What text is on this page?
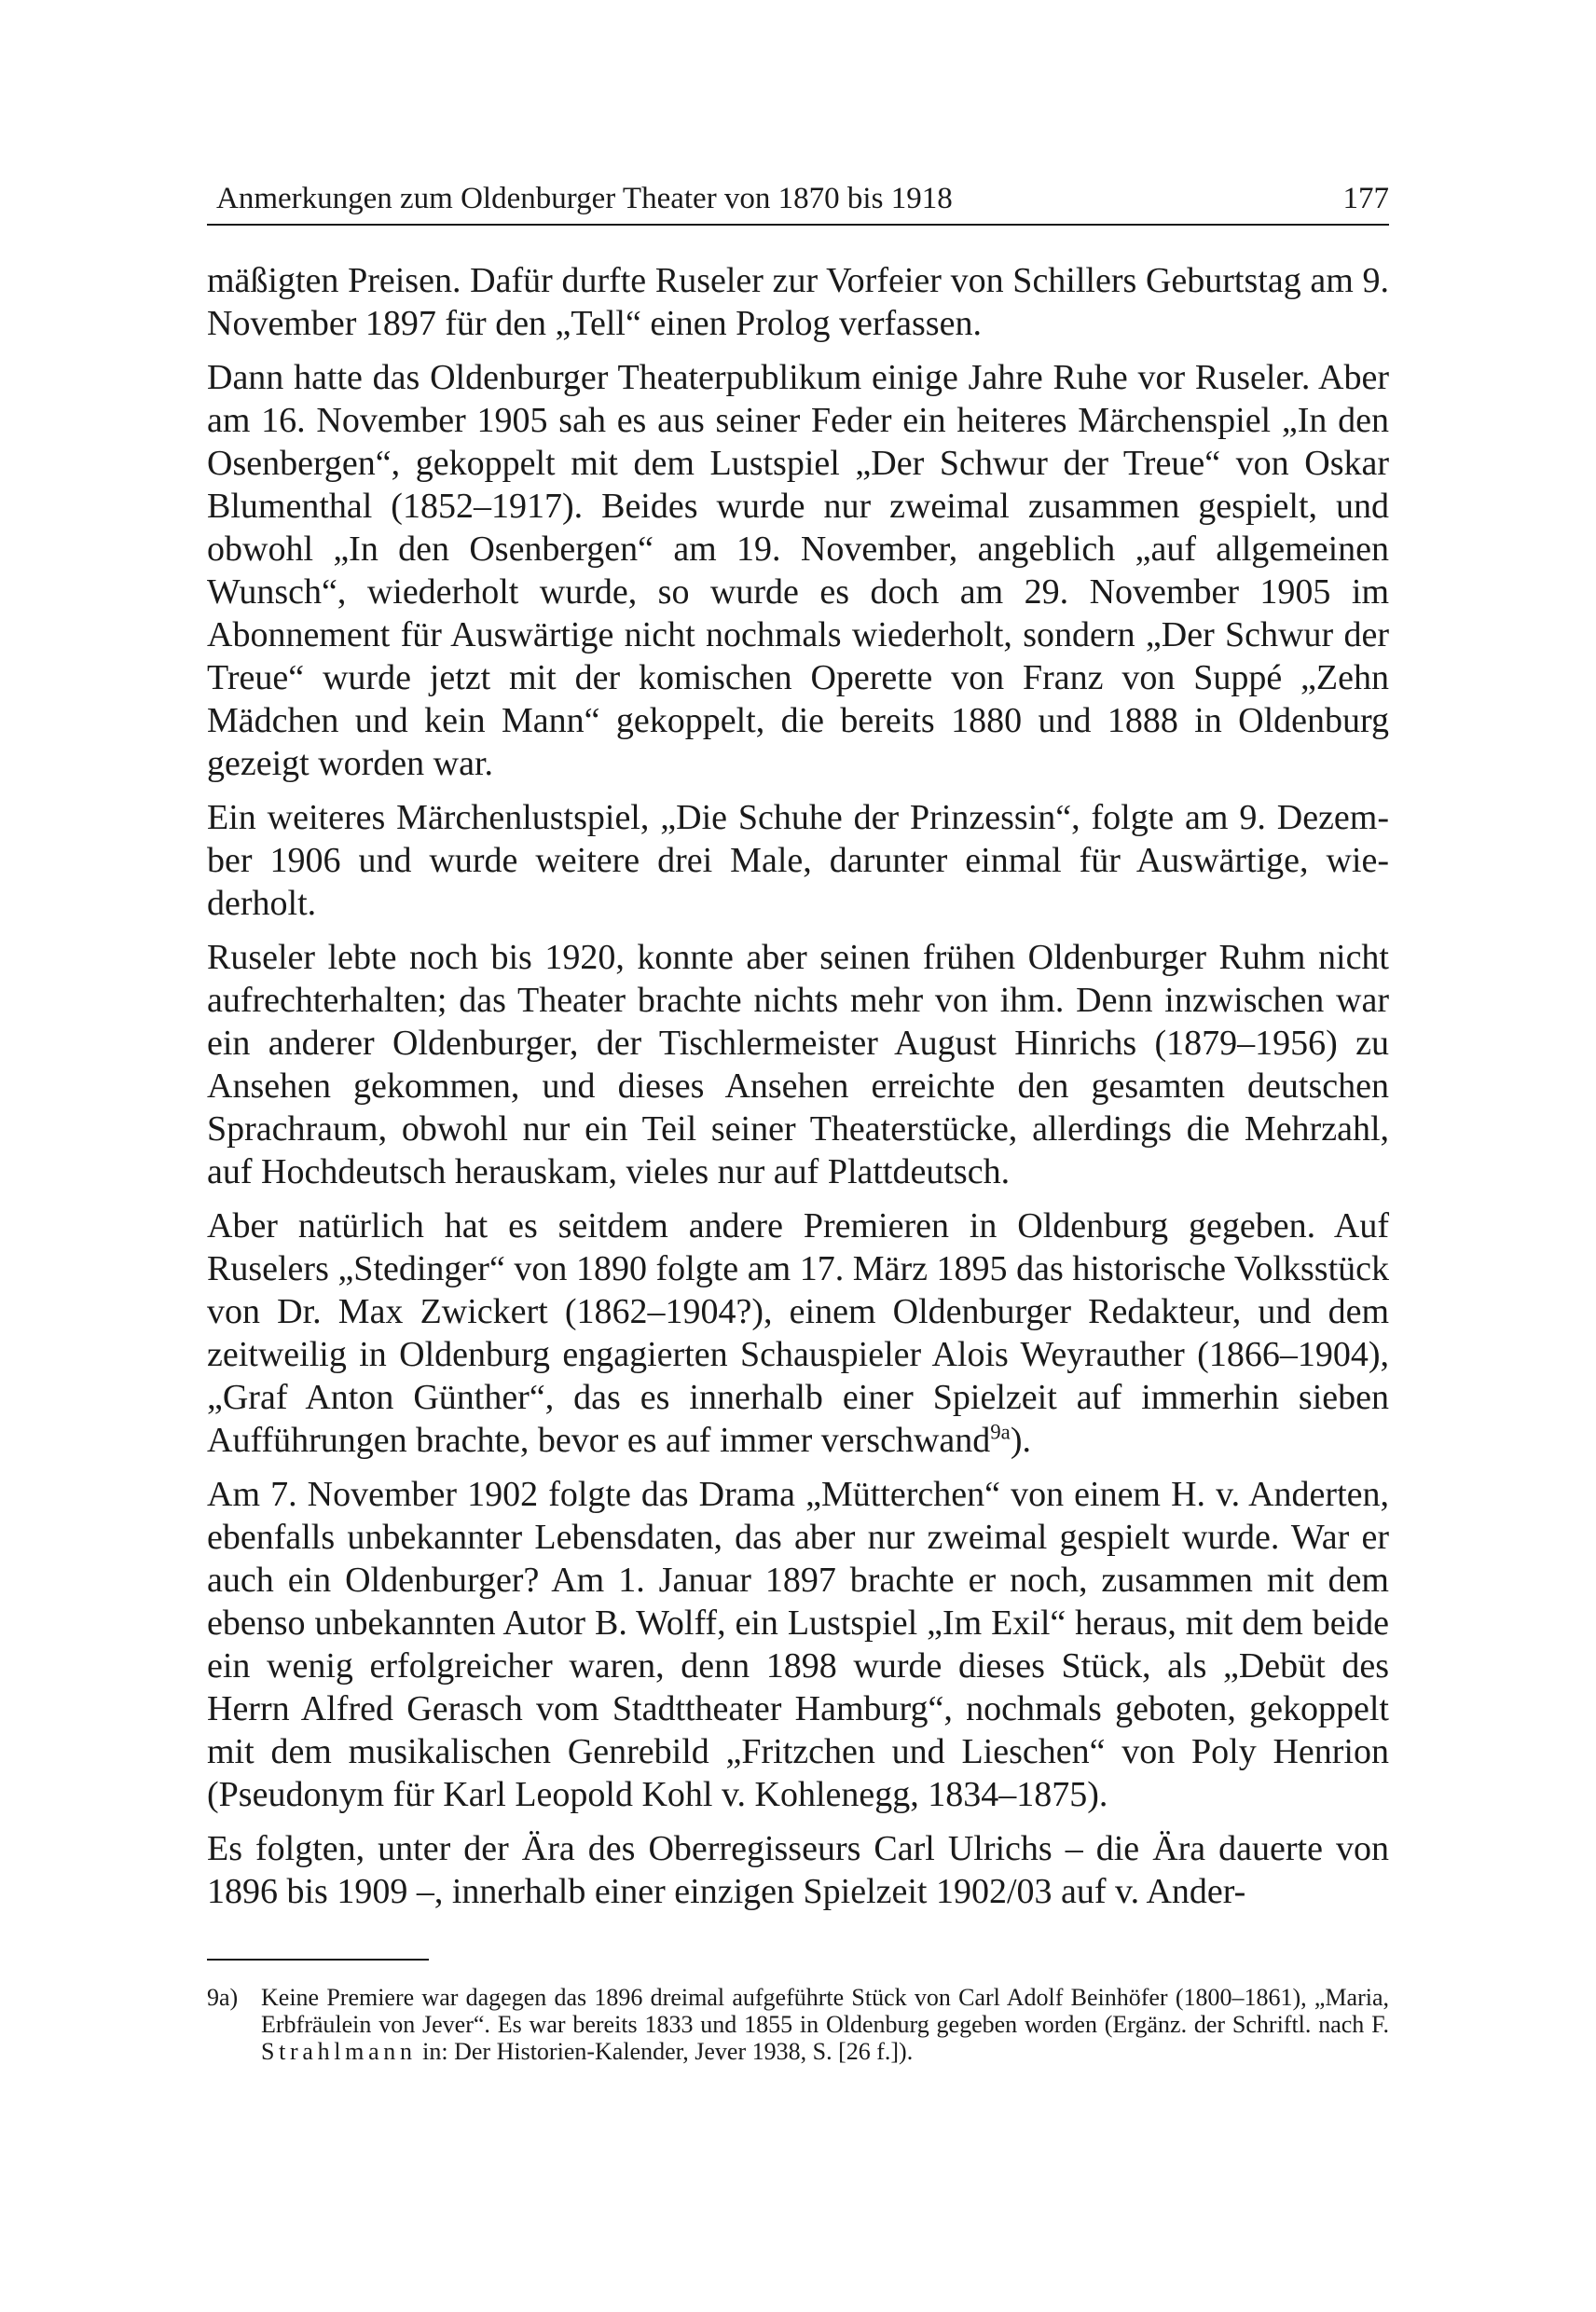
Anmerkungen zum Oldenburger Theater von 1870 bis 1918	177

mäßigten Preisen. Dafür durfte Ruseler zur Vorfeier von Schillers Geburtstag am 9. November 1897 für den „Tell“ einen Prolog verfassen.

Dann hatte das Oldenburger Theaterpublikum einige Jahre Ruhe vor Ruseler. Aber am 16. November 1905 sah es aus seiner Feder ein heiteres Märchenspiel „In den Osenbergen“, gekoppelt mit dem Lustspiel „Der Schwur der Treue“ von Oskar Blumenthal (1852–1917). Beides wurde nur zweimal zusammen gespielt, und obwohl „In den Osenbergen“ am 19. November, angeblich „auf allgemeinen Wunsch“, wiederholt wurde, so wurde es doch am 29. November 1905 im Abonnement für Auswärtige nicht nochmals wiederholt, sondern „Der Schwur der Treue“ wurde jetzt mit der komischen Operette von Franz von Suppé „Zehn Mädchen und kein Mann“ gekoppelt, die bereits 1880 und 1888 in Oldenburg gezeigt worden war.

Ein weiteres Märchenlustspiel, „Die Schuhe der Prinzessin“, folgte am 9. Dezember 1906 und wurde weitere drei Male, darunter einmal für Auswärtige, wiederholt.

Ruseler lebte noch bis 1920, konnte aber seinen frühen Oldenburger Ruhm nicht aufrechterhalten; das Theater brachte nichts mehr von ihm. Denn inzwischen war ein anderer Oldenburger, der Tischlermeister August Hinrichs (1879–1956) zu Ansehen gekommen, und dieses Ansehen erreichte den gesamten deutschen Sprachraum, obwohl nur ein Teil seiner Theaterstücke, allerdings die Mehrzahl, auf Hochdeutsch herauskam, vieles nur auf Plattdeutsch.

Aber natürlich hat es seitdem andere Premieren in Oldenburg gegeben. Auf Ruselers „Stedinger“ von 1890 folgte am 17. März 1895 das historische Volksstück von Dr. Max Zwickert (1862–1904?), einem Oldenburger Redakteur, und dem zeitweilig in Oldenburg engagierten Schauspieler Alois Weyrauther (1866–1904), „Graf Anton Günther“, das es innerhalb einer Spielzeit auf immerhin sieben Aufführungen brachte, bevor es auf immer verschwand$^{9a}$).

Am 7. November 1902 folgte das Drama „Mütterchen“ von einem H. v. Anderten, ebenfalls unbekannter Lebensdaten, das aber nur zweimal gespielt wurde. War er auch ein Oldenburger? Am 1. Januar 1897 brachte er noch, zusammen mit dem ebenso unbekannten Autor B. Wolff, ein Lustspiel „Im Exil“ heraus, mit dem beide ein wenig erfolgreicher waren, denn 1898 wurde dieses Stück, als „Debüt des Herrn Alfred Gerasch vom Stadttheater Hamburg“, nochmals geboten, gekoppelt mit dem musikalischen Genrebild „Fritzchen und Lieschen“ von Poly Henrion (Pseudonym für Karl Leopold Kohl v. Kohlenegg, 1834–1875).

Es folgten, unter der Ära des Oberregisseurs Carl Ulrichs – die Ära dauerte von 1896 bis 1909 –, innerhalb einer einzigen Spielzeit 1902/03 auf v. Ander-

9a) Keine Premiere war dagegen das 1896 dreimal aufgeführte Stück von Carl Adolf Beinhöfer (1800–1861), „Maria, Erbfräulein von Jever“. Es war bereits 1833 und 1855 in Oldenburg gegeben worden (Ergänz. der Schriftl. nach F. Strahlmann in: Der Historien-Kalender, Jever 1938, S. [26 f.]).
